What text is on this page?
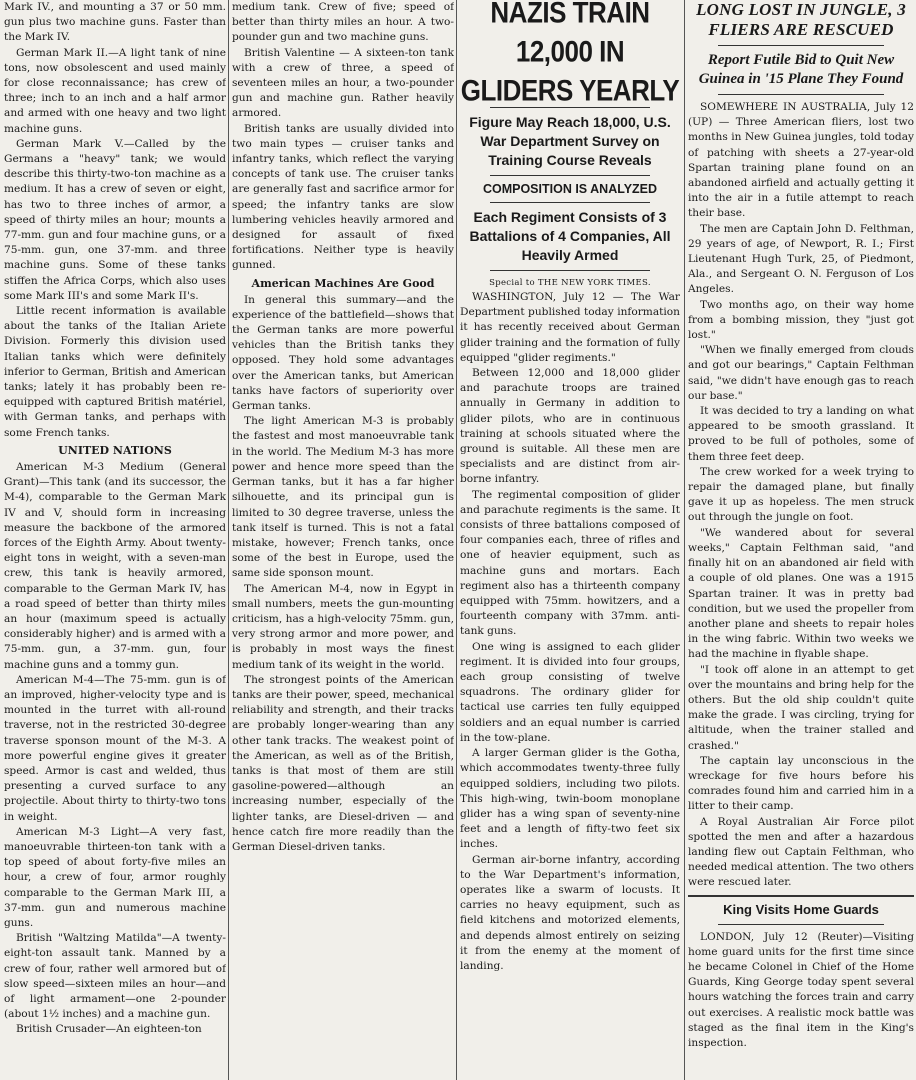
Mark IV., and mounting a 37 or 50 mm. gun plus two machine guns. Faster than the Mark IV.

German Mark II.—A light tank of nine tons, now obsolescent and used mainly for close reconnaissance; has crew of three; inch to an inch and a half armor and armed with one heavy and two light machine guns.

German Mark V.—Called by the Germans a "heavy" tank; we would describe this thirty-two-ton machine as a medium. It has a crew of seven or eight, has two to three inches of armor, a speed of thirty miles an hour; mounts a 77-mm. gun and four machine guns, or a 75-mm. gun, one 37-mm. and three machine guns. Some of these tanks stiffen the Africa Corps, which also uses some Mark III's and some Mark II's.

Little recent information is available about the tanks of the Italian Ariete Division. Formerly this division used Italian tanks which were definitely inferior to German, British and American tanks; lately it has probably been re-equipped with captured British matériel, with German tanks, and perhaps with some French tanks.

UNITED NATIONS

American M-3 Medium (General Grant)—This tank (and its successor, the M-4), comparable to the German Mark IV and V, should form in increasing measure the backbone of the armored forces of the Eighth Army. About twenty-eight tons in weight, with a seven-man crew, this tank is heavily armored, comparable to the German Mark IV, has a road speed of better than thirty miles an hour (maximum speed is actually considerably higher) and is armed with a 75-mm. gun, a 37-mm. gun, four machine guns and a tommy gun.

American M-4—The 75-mm. gun is of an improved, higher-velocity type and is mounted in the turret with all-round traverse, not in the restricted 30-degree traverse sponson mount of the M-3. A more powerful engine gives it greater speed. Armor is cast and welded, thus presenting a curved surface to any projectile. About thirty to thirty-two tons in weight.

American M-3 Light—A very fast, manoeuvrable thirteen-ton tank with a top speed of about forty-five miles an hour, a crew of four, armor roughly comparable to the German Mark III, a 37-mm. gun and numerous machine guns.

British "Waltzing Matilda"—A twenty-eight-ton assault tank. Manned by a crew of four, rather well armored but of slow speed—sixteen miles an hour—and of light armament—one 2-pounder (about 1½ inches) and a machine gun.

British Crusader—An eighteen-ton

medium tank. Crew of five; speed of better than thirty miles an hour. A two-pounder gun and two machine guns.

British Valentine — A sixteen-ton tank with a crew of three, a speed of seventeen miles an hour, a two-pounder gun and machine gun. Rather heavily armored.

British tanks are usually divided into two main types — cruiser tanks and infantry tanks, which reflect the varying concepts of tank use. The cruiser tanks are generally fast and sacrifice armor for speed; the infantry tanks are slow lumbering vehicles heavily armored and designed for assault of fixed fortifications. Neither type is heavily gunned.

American Machines Are Good

In general this summary—and the experience of the battlefield—shows that the German tanks are more powerful vehicles than the British tanks they opposed. They hold some advantages over the American tanks, but American tanks have factors of superiority over German tanks.

The light American M-3 is probably the fastest and most manoeuvrable tank in the world. The Medium M-3 has more power and hence more speed than the German tanks, but it has a far higher silhouette, and its principal gun is limited to 30 degree traverse, unless the tank itself is turned. This is not a fatal mistake, however; French tanks, once some of the best in Europe, used the same side sponson mount.

The American M-4, now in Egypt in small numbers, meets the gun-mounting criticism, has a high-velocity 75mm. gun, very strong armor and more power, and is probably in most ways the finest medium tank of its weight in the world.

The strongest points of the American tanks are their power, speed, mechanical reliability and strength, and their tracks are probably longer-wearing than any other tank tracks. The weakest point of the American, as well as of the British, tanks is that most of them are still gasoline-powered—although an increasing number, especially of the lighter tanks, are Diesel-driven — and hence catch fire more readily than the German Diesel-driven tanks.

NAZIS TRAIN 12,000 IN GLIDERS YEARLY
Figure May Reach 18,000, U.S. War Department Survey on Training Course Reveals
COMPOSITION IS ANALYZED
Each Regiment Consists of 3 Battalions of 4 Companies, All Heavily Armed
Special to THE NEW YORK TIMES.

WASHINGTON, July 12 — The War Department published today information it has recently received about German glider training and the formation of fully equipped "glider regiments."

Between 12,000 and 18,000 glider and parachute troops are trained annually in Germany in addition to glider pilots, who are in continuous training at schools situated where the ground is suitable. All these men are specialists and are distinct from air-borne infantry.

The regimental composition of glider and parachute regiments is the same. It consists of three battalions composed of four companies each, three of rifles and one of heavier equipment, such as machine guns and mortars. Each regiment also has a thirteenth company equipped with 75mm. howitzers, and a fourteenth company with 37mm. anti-tank guns.

One wing is assigned to each glider regiment. It is divided into four groups, each group consisting of twelve squadrons. The ordinary glider for tactical use carries ten fully equipped soldiers and an equal number is carried in the tow-plane.

A larger German glider is the Gotha, which accommodates twenty-three fully equipped soldiers, including two pilots. This high-wing, twin-boom monoplane glider has a wing span of seventy-nine feet and a length of fifty-two feet six inches.

German air-borne infantry, according to the War Department's information, operates like a swarm of locusts. It carries no heavy equipment, such as field kitchens and motorized elements, and depends almost entirely on seizing it from the enemy at the moment of landing.

LONG LOST IN JUNGLE, 3 FLIERS ARE RESCUED
Report Futile Bid to Quit New Guinea in '15 Plane They Found

SOMEWHERE IN AUSTRALIA, July 12 (UP) — Three American fliers, lost two months in New Guinea jungles, told today of patching with sheets a 27-year-old Spartan training plane found on an abandoned airfield and actually getting it into the air in a futile attempt to reach their base.

The men are Captain John D. Felthman, 29 years of age, of Newport, R. I.; First Lieutenant Hugh Turk, 25, of Piedmont, Ala., and Sergeant O. N. Ferguson of Los Angeles.

Two months ago, on their way home from a bombing mission, they "just got lost."

"When we finally emerged from clouds and got our bearings," Captain Felthman said, "we didn't have enough gas to reach our base."

It was decided to try a landing on what appeared to be smooth grassland. It proved to be full of potholes, some of them three feet deep.

The crew worked for a week trying to repair the damaged plane, but finally gave it up as hopeless. The men struck out through the jungle on foot.

"We wandered about for several weeks," Captain Felthman said, "and finally hit on an abandoned air field with a couple of old planes. One was a 1915 Spartan trainer. It was in pretty bad condition, but we used the propeller from another plane and sheets to repair holes in the wing fabric. Within two weeks we had the machine in flyable shape.

"I took off alone in an attempt to get over the mountains and bring help for the others. But the old ship couldn't quite make the grade. I was circling, trying for altitude, when the trainer stalled and crashed."

The captain lay unconscious in the wreckage for five hours before his comrades found him and carried him in a litter to their camp.

A Royal Australian Air Force pilot spotted the men and after a hazardous landing flew out Captain Felthman, who needed medical attention. The two others were rescued later.

King Visits Home Guards

LONDON, July 12 (Reuter)—Visiting home guard units for the first time since he became Colonel in Chief of the Home Guards, King George today spent several hours watching the forces train and carry out exercises. A realistic mock battle was staged as the final item in the King's inspection.
